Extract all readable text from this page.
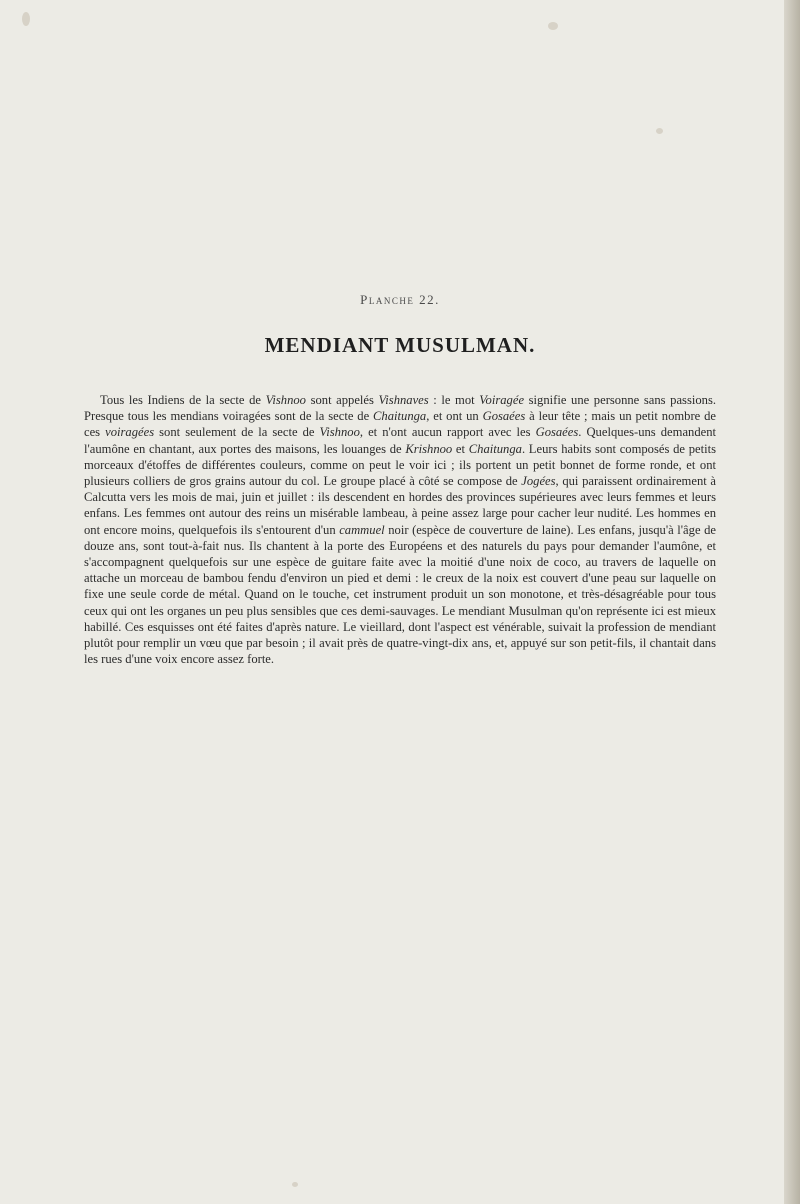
Planche 22.
MENDIANT MUSULMAN.

Tous les Indiens de la secte de Vishnoo sont appelés Vishnaves : le mot Voiragée signifie une personne sans passions. Presque tous les mendians voiragées sont de la secte de Chaitunga, et ont un Gosaées à leur tête ; mais un petit nombre de ces voiragées sont seulement de la secte de Vishnoo, et n'ont aucun rapport avec les Gosaées. Quelques-uns demandent l'aumône en chantant, aux portes des maisons, les louanges de Krishnoo et Chaitunga. Leurs habits sont composés de petits morceaux d'étoffes de différentes couleurs, comme on peut le voir ici ; ils portent un petit bonnet de forme ronde, et ont plusieurs colliers de gros grains autour du col. Le groupe placé à côté se compose de Jogées, qui paraissent ordinairement à Calcutta vers les mois de mai, juin et juillet : ils descendent en hordes des provinces supérieures avec leurs femmes et leurs enfans. Les femmes ont autour des reins un misérable lambeau, à peine assez large pour cacher leur nudité. Les hommes en ont encore moins, quelquefois ils s'entourent d'un cammuel noir (espèce de couverture de laine). Les enfans, jusqu'à l'âge de douze ans, sont tout-à-fait nus. Ils chantent à la porte des Européens et des naturels du pays pour demander l'aumône, et s'accompagnent quelquefois sur une espèce de guitare faite avec la moitié d'une noix de coco, au travers de laquelle on attache un morceau de bambou fendu d'environ un pied et demi : le creux de la noix est couvert d'une peau sur laquelle on fixe une seule corde de métal. Quand on le touche, cet instrument produit un son monotone, et très-désagréable pour tous ceux qui ont les organes un peu plus sensibles que ces demi-sauvages. Le mendiant Musulman qu'on représente ici est mieux habillé. Ces esquisses ont été faites d'après nature. Le vieillard, dont l'aspect est vénérable, suivait la profession de mendiant plutôt pour remplir un vœu que par besoin ; il avait près de quatre-vingt-dix ans, et, appuyé sur son petit-fils, il chantait dans les rues d'une voix encore assez forte.
